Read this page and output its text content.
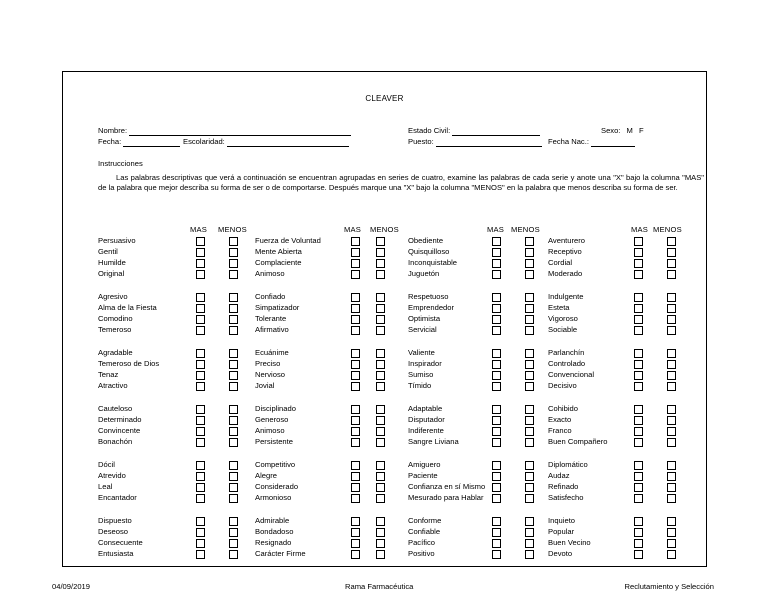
CLEAVER
Nombre:
Fecha:	Escolaridad:
Estado Civil:
Puesto:	Fecha Nac.:
Sexo: M F
Instrucciones

Las palabras descriptivas que verá a continuación se encuentran agrupadas en series de cuatro, examine las palabras de cada serie y anote una "X" bajo la columna "MAS" de la palabra que mejor describa su forma de ser o de comportarse. Después marque una "X" bajo la columna "MENOS" en la palabra que menos describa su forma de ser.

MAS MENOS	MAS MENOS	MAS MENOS	MAS MENOS
Persuasivo	Fuerza de Voluntad	Obediente	Aventurero
Gentil	Mente Abierta	Quisquilloso	Receptivo
Humilde	Complaciente	Inconquistable	Cordial
Original	Animoso	Juguetón	Moderado
Agresivo	Confiado	Respetuoso	Indulgente
Alma de la Fiesta	Simpatizador	Emprendedor	Esteta
Comodino	Tolerante	Optimista	Vigoroso
Temeroso	Afirmativo	Servicial	Sociable
Agradable	Ecuánime	Valiente	Parlanchín
Temeroso de Dios	Preciso	Inspirador	Controlado
Tenaz	Nervioso	Sumiso	Convencional
Atractivo	Jovial	Tímido	Decisivo
Cauteloso	Disciplinado	Adaptable	Cohibido
Determinado	Generoso	Disputador	Exacto
Convincente	Animoso	Indiferente	Franco
Bonachón	Persistente	Sangre Liviana	Buen Compañero
Dócil	Competitivo	Amiguero	Diplomático
Atrevido	Alegre	Paciente	Audaz
Leal	Considerado	Confianza en sí Mismo	Refinado
Encantador	Armonioso	Mesurado para Hablar	Satisfecho
Dispuesto	Admirable	Conforme	Inquieto
Deseoso	Bondadoso	Confiable	Popular
Consecuente	Resignado	Pacífico	Buen Vecino
Entusiasta	Carácter Firme	Positivo	Devoto
04/09/2019	Rama Farmacéutica	Reclutamiento y Selección
